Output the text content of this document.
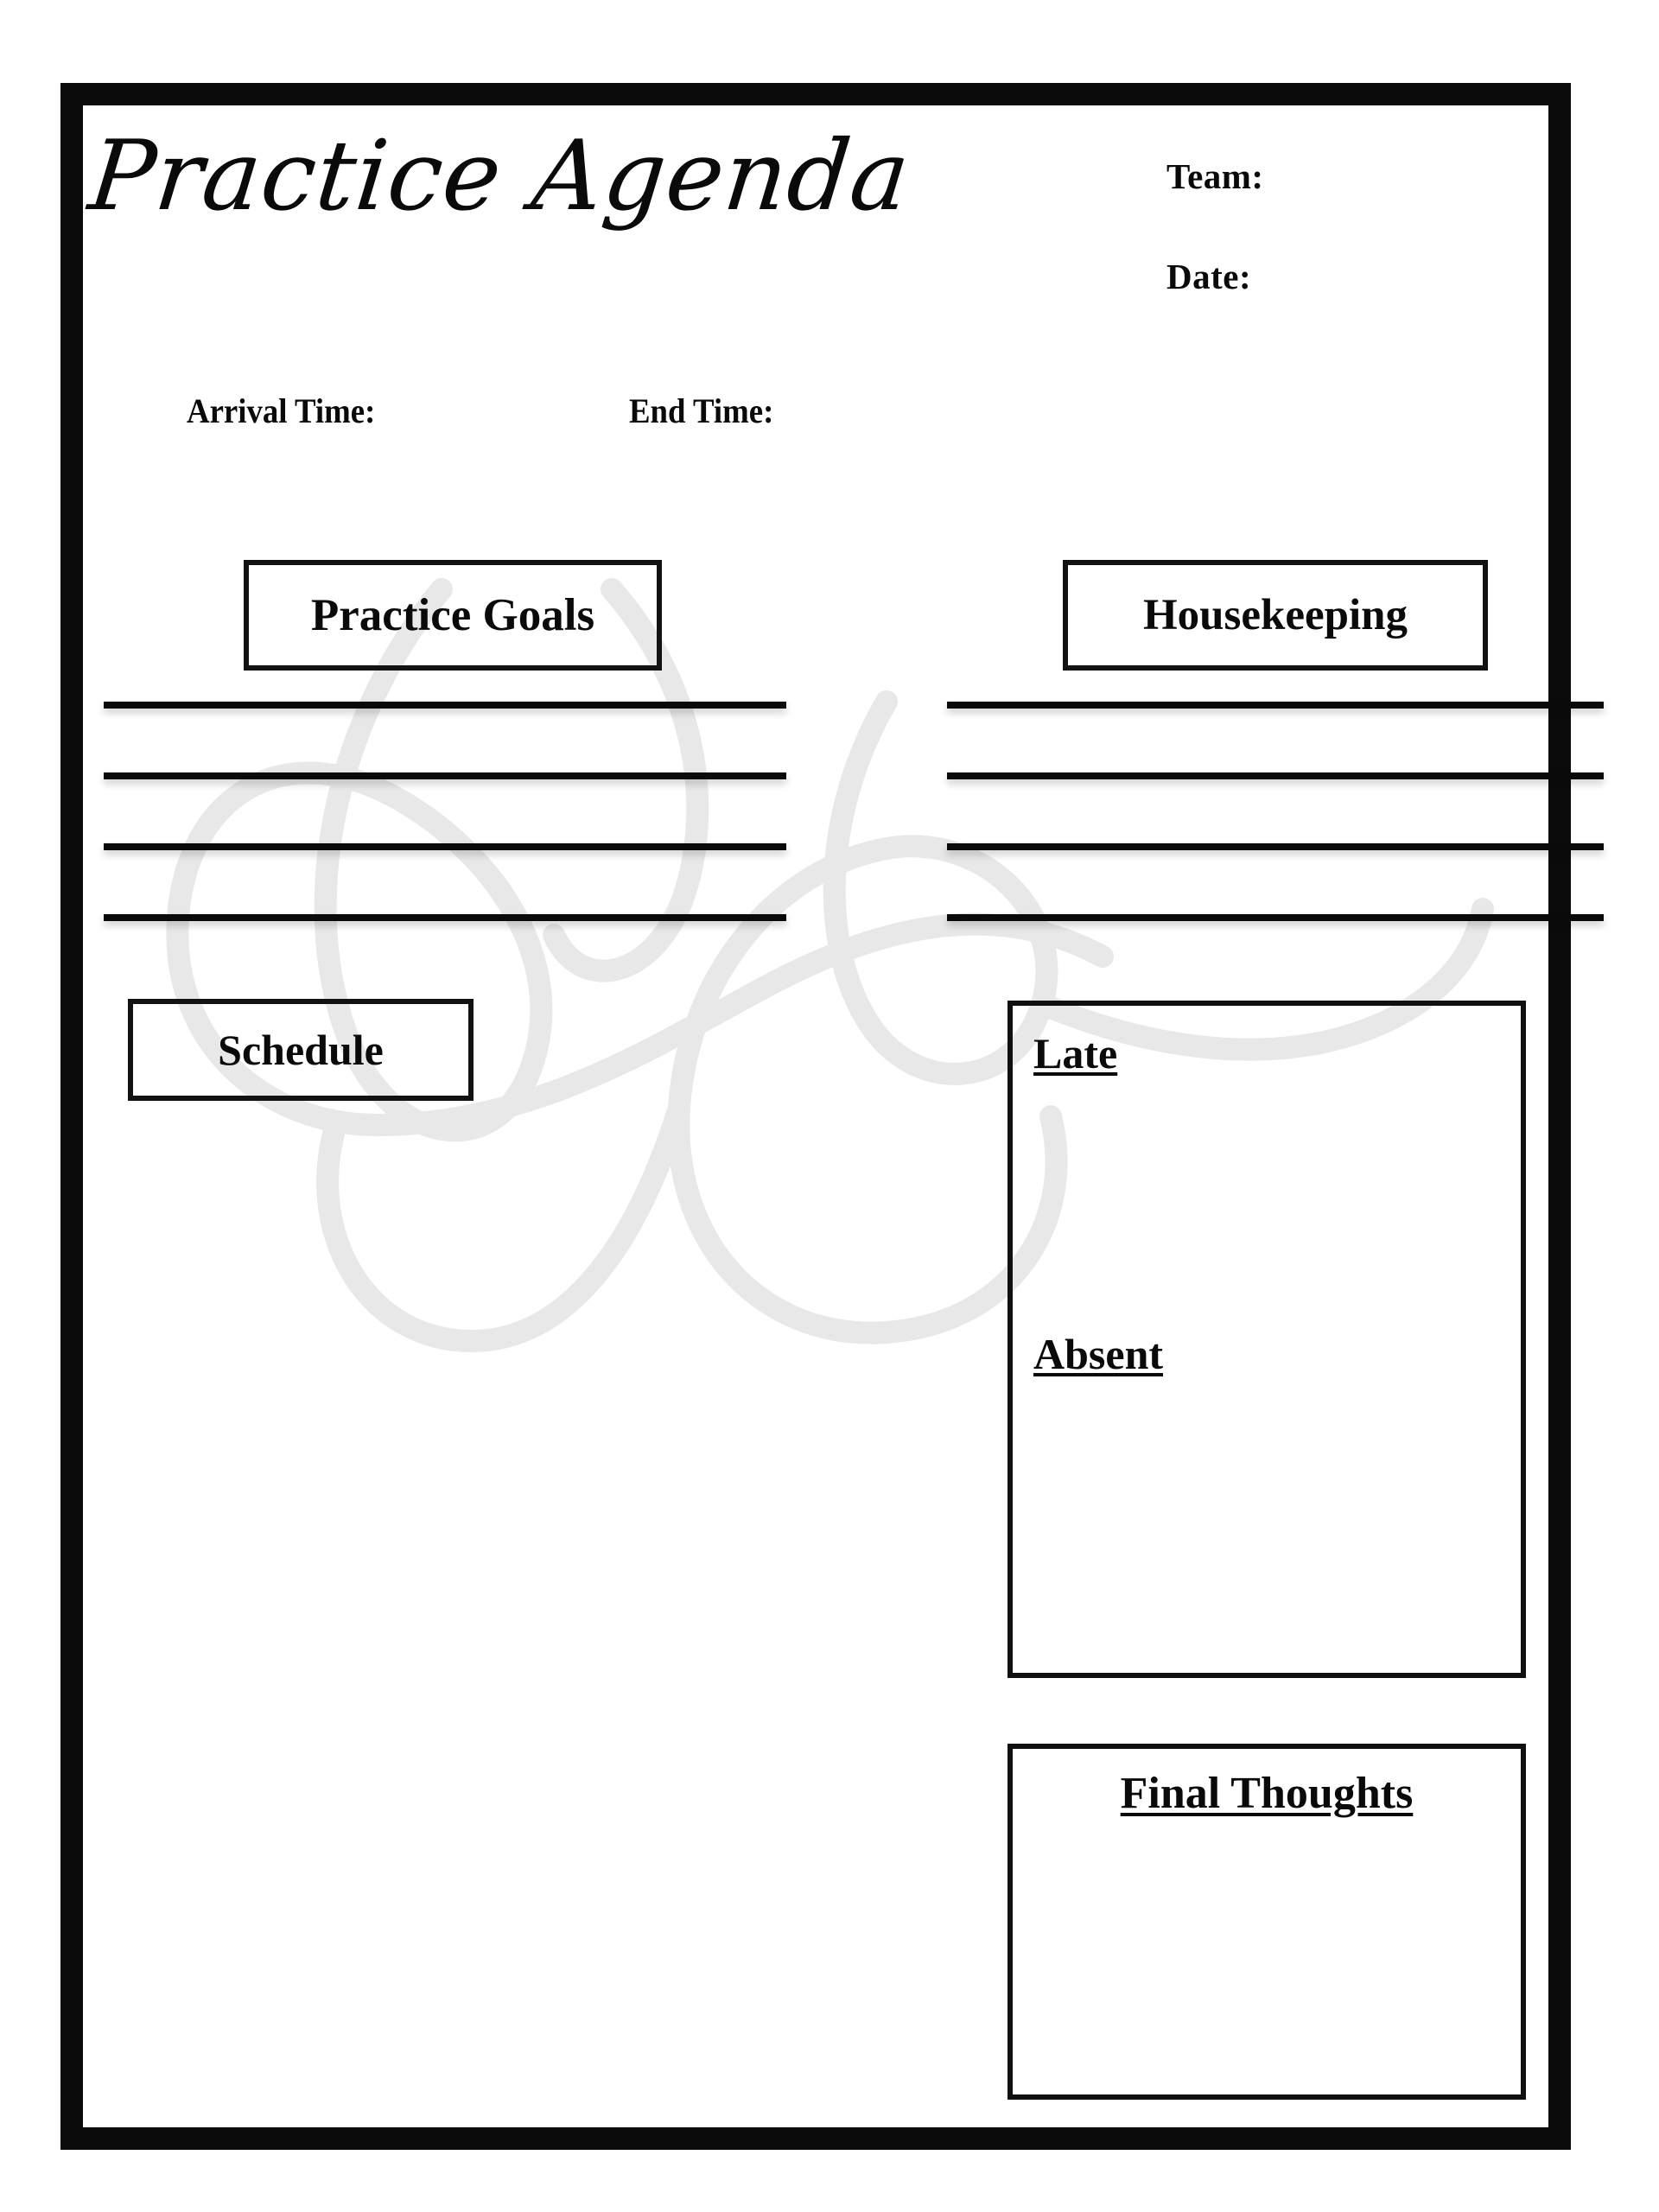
Practice Agenda	Team:
Date:
Arrival Time:	End Time:
Practice Goals	Housekeeping
Schedule	Late
Absent
Final Thoughts
